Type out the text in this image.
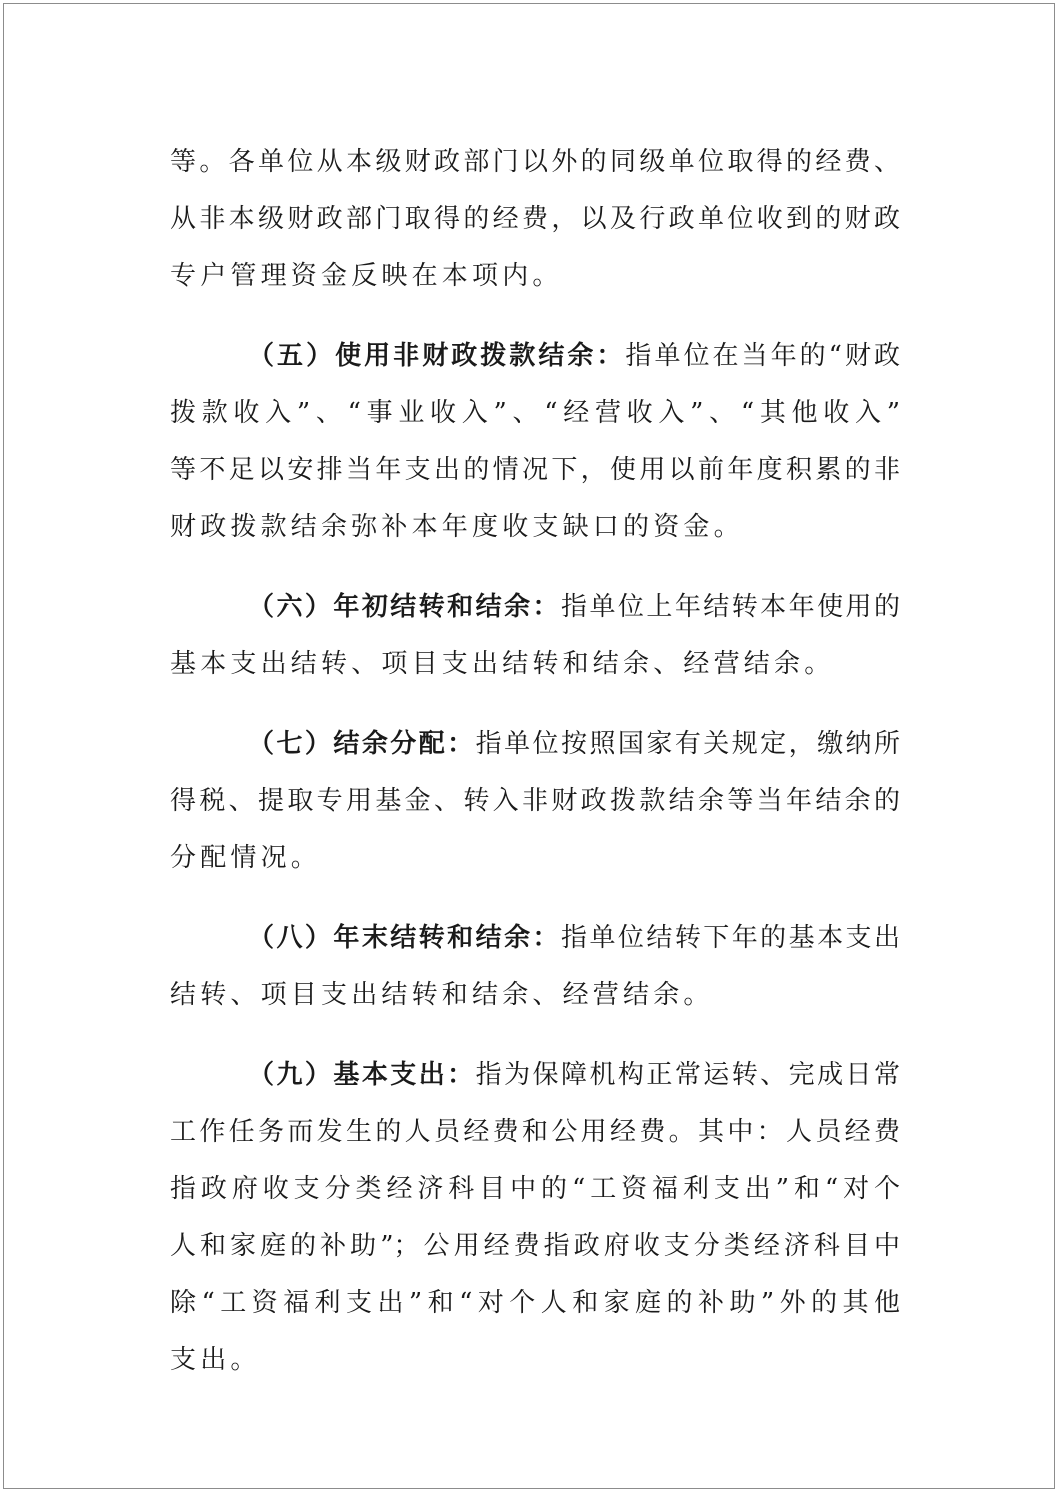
等。各单位从本级财政部门以外的同级单位取得的经费、
从非本级财政部门取得的经费，以及行政单位收到的财政
专户管理资金反映在本项内。
（五）使用非财政拨款结余：指单位在当年的“财政
拨款收入”、“事业收入”、“经营收入”、“其他收入”
等不足以安排当年支出的情况下，使用以前年度积累的非
财政拨款结余弥补本年度收支缺口的资金。
（六）年初结转和结余：指单位上年结转本年使用的
基本支出结转、项目支出结转和结余、经营结余。
（七）结余分配：指单位按照国家有关规定，缴纳所
得税、提取专用基金、转入非财政拨款结余等当年结余的
分配情况。
（八）年末结转和结余：指单位结转下年的基本支出
结转、项目支出结转和结余、经营结余。
（九）基本支出：指为保障机构正常运转、完成日常
工作任务而发生的人员经费和公用经费。其中：人员经费
指政府收支分类经济科目中的“工资福利支出”和“对个
人和家庭的补助”；公用经费指政府收支分类经济科目中
除“工资福利支出”和“对个人和家庭的补助”外的其他
支出。
